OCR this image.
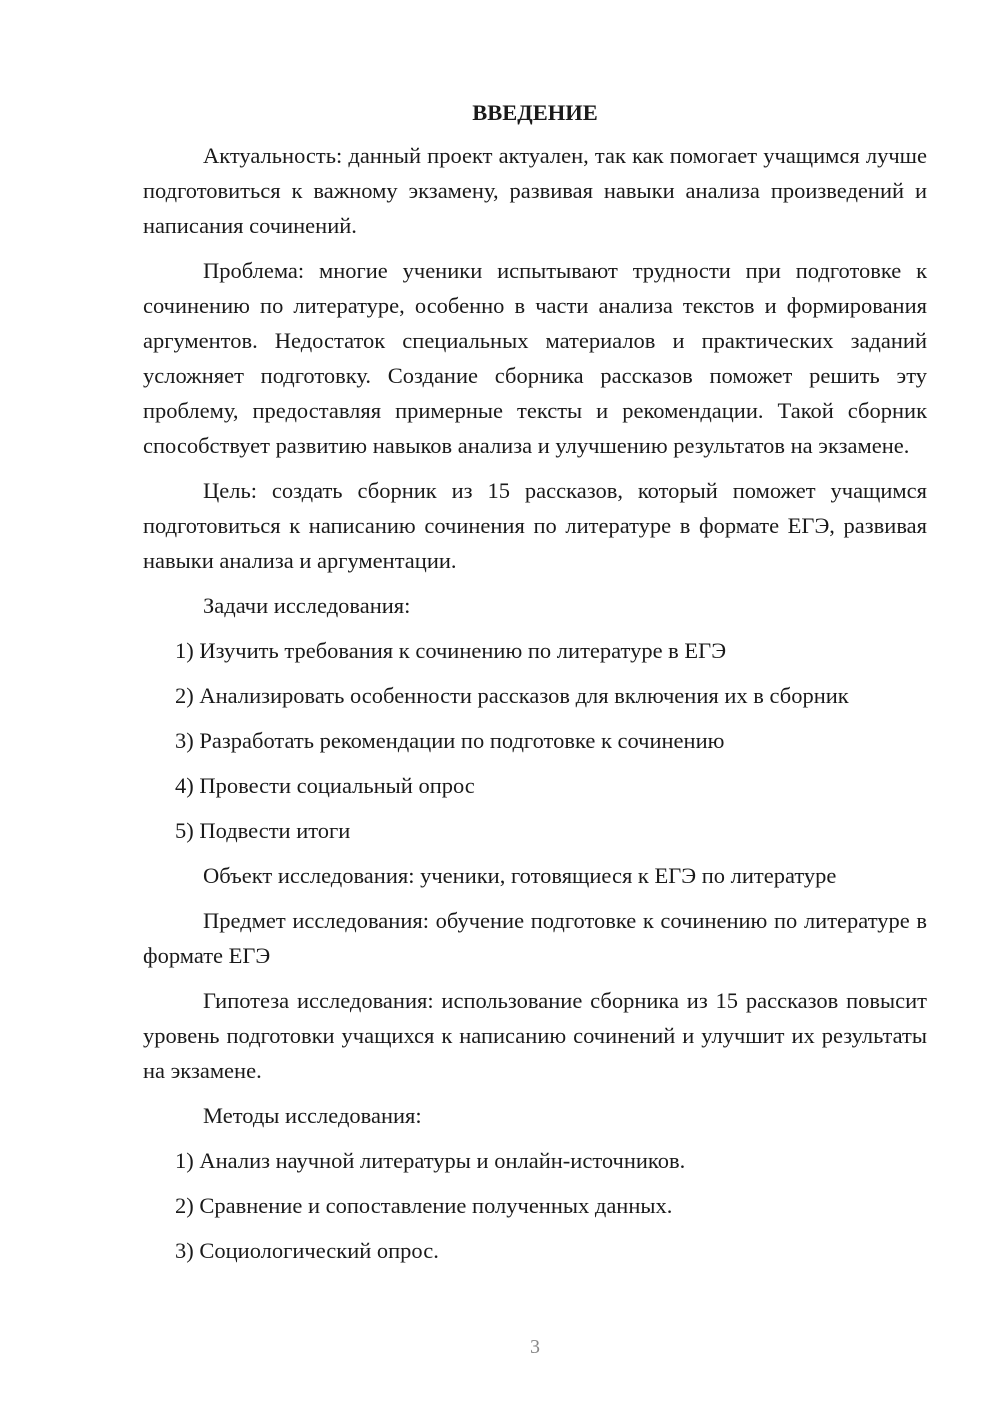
ВВЕДЕНИЕ

Актуальность: данный проект актуален, так как помогает учащимся лучше подготовиться к важному экзамену, развивая навыки анализа произведений и написания сочинений.

Проблема: многие ученики испытывают трудности при подготовке к сочинению по литературе, особенно в части анализа текстов и формирования аргументов. Недостаток специальных материалов и практических заданий усложняет подготовку. Создание сборника рассказов поможет решить эту проблему, предоставляя примерные тексты и рекомендации. Такой сборник способствует развитию навыков анализа и улучшению результатов на экзамене.

Цель: создать сборник из 15 рассказов, который поможет учащимся подготовиться к написанию сочинения по литературе в формате ЕГЭ, развивая навыки анализа и аргументации.

Задачи исследования:

1) Изучить требования к сочинению по литературе в ЕГЭ
2) Анализировать особенности рассказов для включения их в сборник
3) Разработать рекомендации по подготовке к сочинению
4) Провести социальный опрос
5) Подвести итоги

Объект исследования: ученики, готовящиеся к ЕГЭ по литературе

Предмет исследования: обучение подготовке к сочинению по литературе в формате ЕГЭ

Гипотеза исследования: использование сборника из 15 рассказов повысит уровень подготовки учащихся к написанию сочинений и улучшит их результаты на экзамене.

Методы исследования:

1) Анализ научной литературы и онлайн-источников.
2) Сравнение и сопоставление полученных данных.
3) Социологический опрос.
3
